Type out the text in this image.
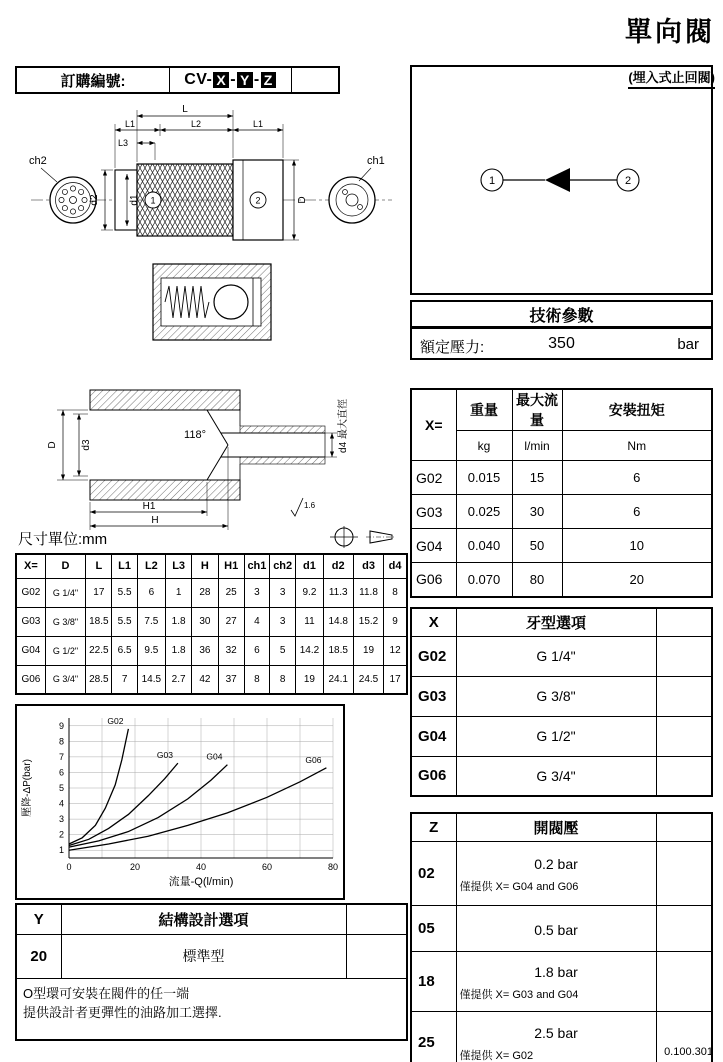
單向閥

(埋入式止回閥)
訂購編號:	CV- X - Y - Z
ch2	ch1
1	2
L
L1	L2	L1
L3
d2	d1	D
D d3
118°	d4 最大直徑
H1
H
1.6
尺寸單位:mm
X=	D	L	L1	L2	L3	H	H1	ch1	ch2	d1	d2	d3	d4
G02	G 1/4"	17	5.5	6	1	28	25	3	3	9.2	11.3	11.8	8
G03	G 3/8"	18.5	5.5	7.5	1.8	30	27	4	3	11	14.8	15.2	9
G04	G 1/2"	22.5	6.5	9.5	1.8	36	32	6	5	14.2	18.5	19	12
G06	G 3/4"	28.5	7	14.5	2.7	42	37	8	8	19	24.1	24.5	17
1
2
3
4
5
6
7
8
9
0	20	40	60	80
流量-Q(l/min)
壓降-ΔP(bar)
G02
G03	G04	G06
Y	結構設計選項	
20	標準型	

O型環可安裝在閥件的任一端
提供設計者更彈性的油路加工選擇.		
1	2
技術參數
額定壓力:	350	bar
X=	重量	最大流量	安裝扭矩
	kg	l/min	Nm
G02	0.015	15	6
G03	0.025	30	6
G04	0.040	50	10
G06	0.070	80	20
X	牙型選項	
G02	G 1/4"	
G03	G 3/8"	
G04	G 1/2"	
G06	G 3/4"	
Z	開閥壓	
02	0.2 bar
僅提供 X= G04 and G06	

05	0.5 bar	

18	1.8 bar
僅提供 X= G03 and G04	

25	2.5 bar
僅提供 X= G02	
		0.100.301
